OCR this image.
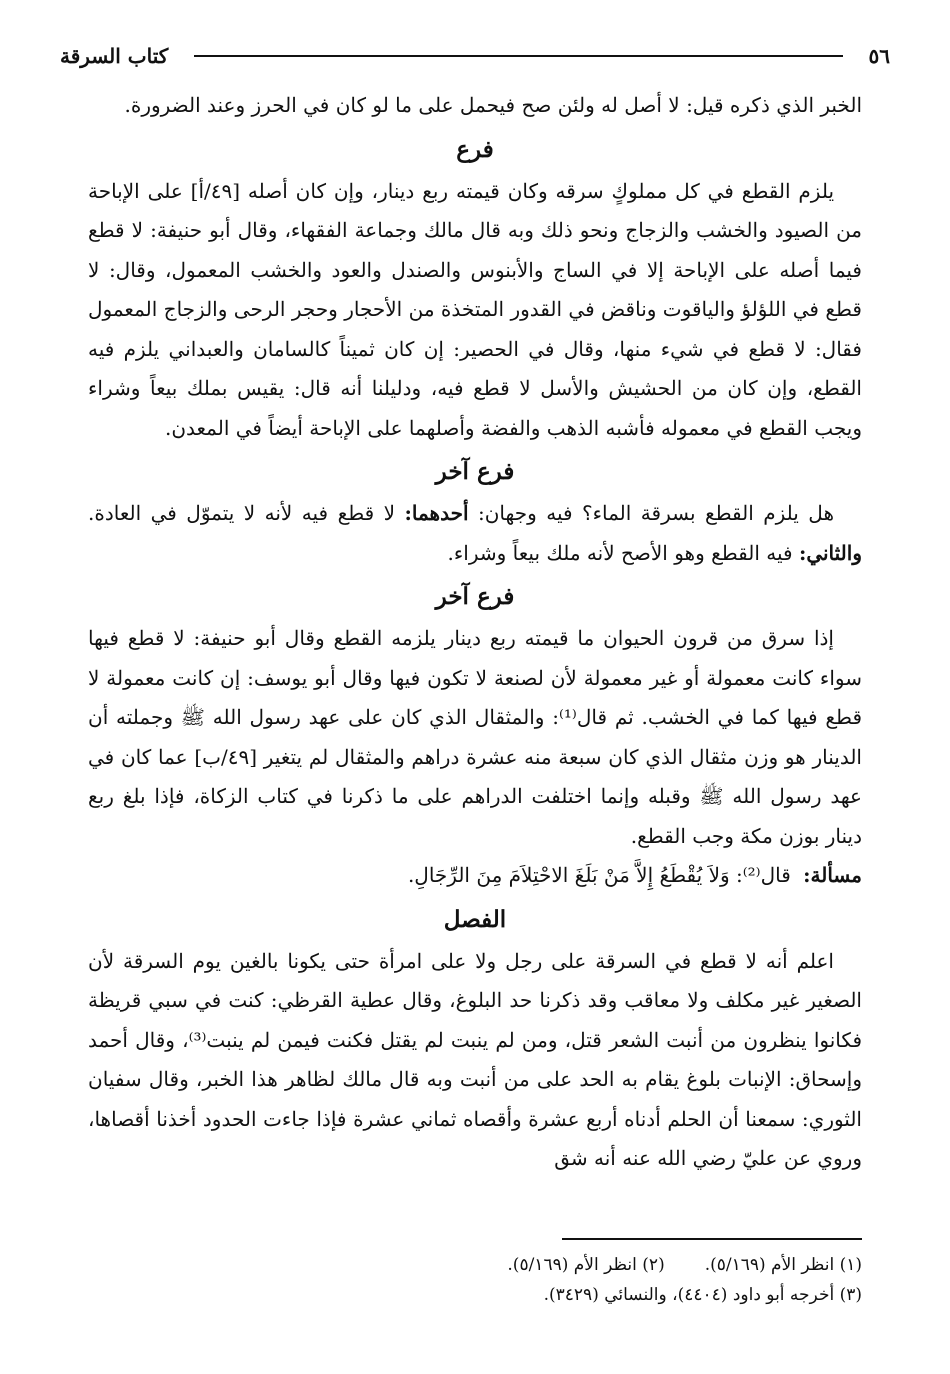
٥٦
كتاب السرقة

الخبر الذي ذكره قيل: لا أصل له ولئن صح فيحمل على ما لو كان في الحرز وعند الضرورة.

فرع

يلزم القطع في كل مملوكٍ سرقه وكان قيمته ربع دينار، وإن كان أصله [٤٩/أ] على الإباحة من الصيود والخشب والزجاج ونحو ذلك وبه قال مالك وجماعة الفقهاء، وقال أبو حنيفة: لا قطع فيما أصله على الإباحة إلا في الساج والأبنوس والصندل والعود والخشب المعمول، وقال: لا قطع في اللؤلؤ والياقوت وناقض في القدور المتخذة من الأحجار وحجر الرحى والزجاج المعمول فقال: لا قطع في شيء منها، وقال في الحصير: إن كان ثميناً كالسامان والعبداني يلزم فيه القطع، وإن كان من الحشيش والأسل لا قطع فيه، ودليلنا أنه قال: يقيس بملك بيعاً وشراء ويجب القطع في معموله فأشبه الذهب والفضة وأصلهما على الإباحة أيضاً في المعدن.

فرع آخر

هل يلزم القطع بسرقة الماء؟ فيه وجهان: أحدهما: لا قطع فيه لأنه لا يتموّل في العادة. والثاني: فيه القطع وهو الأصح لأنه ملك بيعاً وشراء.

فرع آخر

إذا سرق من قرون الحيوان ما قيمته ربع دينار يلزمه القطع وقال أبو حنيفة: لا قطع فيها سواء كانت معمولة أو غير معمولة لأن لصنعة لا تكون فيها وقال أبو يوسف: إن كانت معمولة لا قطع فيها كما في الخشب. ثم قال⁽¹⁾: والمثقال الذي كان على عهد رسول الله ﷺ وجملته أن الدينار هو وزن مثقال الذي كان سبعة منه عشرة دراهم والمثقال لم يتغير [٤٩/ب] عما كان في عهد رسول الله ﷺ وقبله وإنما اختلفت الدراهم على ما ذكرنا في كتاب الزكاة، فإذا بلغ ربع دينار بوزن مكة وجب القطع.

مسألة: قال⁽²⁾: وَلاَ يُقْطَعُ إِلاَّ مَنْ بَلَغَ الاحْتِلاَمَ مِنَ الرِّجَالِ.

الفصل

اعلم أنه لا قطع في السرقة على رجل ولا على امرأة حتى يكونا بالغين يوم السرقة لأن الصغير غير مكلف ولا معاقب وقد ذكرنا حد البلوغ، وقال عطية القرظي: كنت في سبي قريظة فكانوا ينظرون من أنبت الشعر قتل، ومن لم ينبت لم يقتل فكنت فيمن لم ينبت⁽³⁾، وقال أحمد وإسحاق: الإنبات بلوغ يقام به الحد على من أنبت وبه قال مالك لظاهر هذا الخبر، وقال سفيان الثوري: سمعنا أن الحلم أدناه أربع عشرة وأقصاه ثماني عشرة فإذا جاءت الحدود أخذنا أقصاها، وروي عن عليّ رضي الله عنه أنه شق

(١) انظر الأم (٥/١٦٩).
(٢) انظر الأم (٥/١٦٩).
(٣) أخرجه أبو داود (٤٤٠٤)، والنسائي (٣٤٢٩).
